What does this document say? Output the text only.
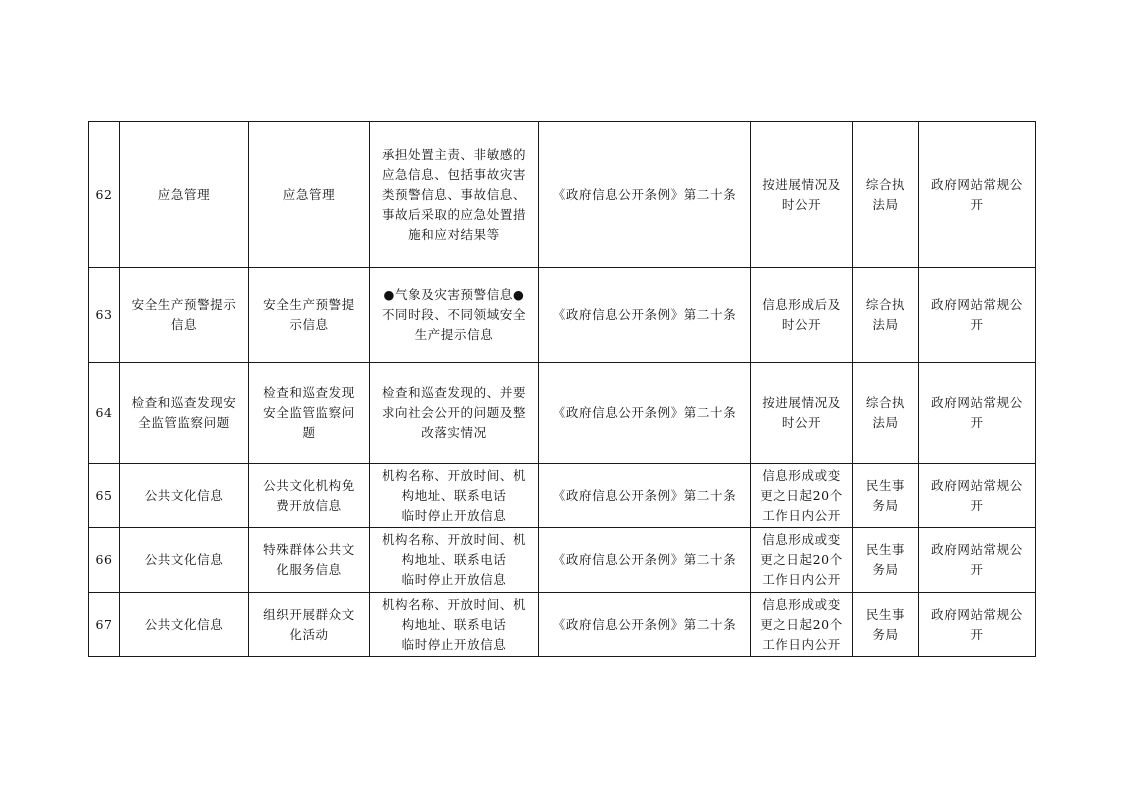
62	应急管理	应急管理	承担处置主责、非敏感的
应急信息、包括事故灾害
类预警信息、事故信息、
事故后采取的应急处置措
施和应对结果等	《政府信息公开条例》第二十条	按进展情况及
时公开	综合执
法局	政府网站常规公
开

63	安全生产预警提示
信息	安全生产预警提
示信息	●气象及灾害预警信息●
不同时段、不同领域安全
生产提示信息	《政府信息公开条例》第二十条	信息形成后及
时公开	综合执
法局	政府网站常规公
开

64	检查和巡查发现安
全监管监察问题	检查和巡查发现
安全监管监察问
题	检查和巡查发现的、并要
求向社会公开的问题及整
改落实情况	《政府信息公开条例》第二十条	按进展情况及
时公开	综合执
法局	政府网站常规公
开

65	公共文化信息	公共文化机构免
费开放信息	机构名称、开放时间、机
构地址、联系电话
临时停止开放信息	《政府信息公开条例》第二十条	信息形成或变
更之日起20个
工作日内公开	民生事
务局	政府网站常规公
开

66	公共文化信息	特殊群体公共文
化服务信息	机构名称、开放时间、机
构地址、联系电话
临时停止开放信息	《政府信息公开条例》第二十条	信息形成或变
更之日起20个
工作日内公开	民生事
务局	政府网站常规公
开

67	公共文化信息	组织开展群众文
化活动	机构名称、开放时间、机
构地址、联系电话
临时停止开放信息	《政府信息公开条例》第二十条	信息形成或变
更之日起20个
工作日内公开	民生事
务局	政府网站常规公
开
